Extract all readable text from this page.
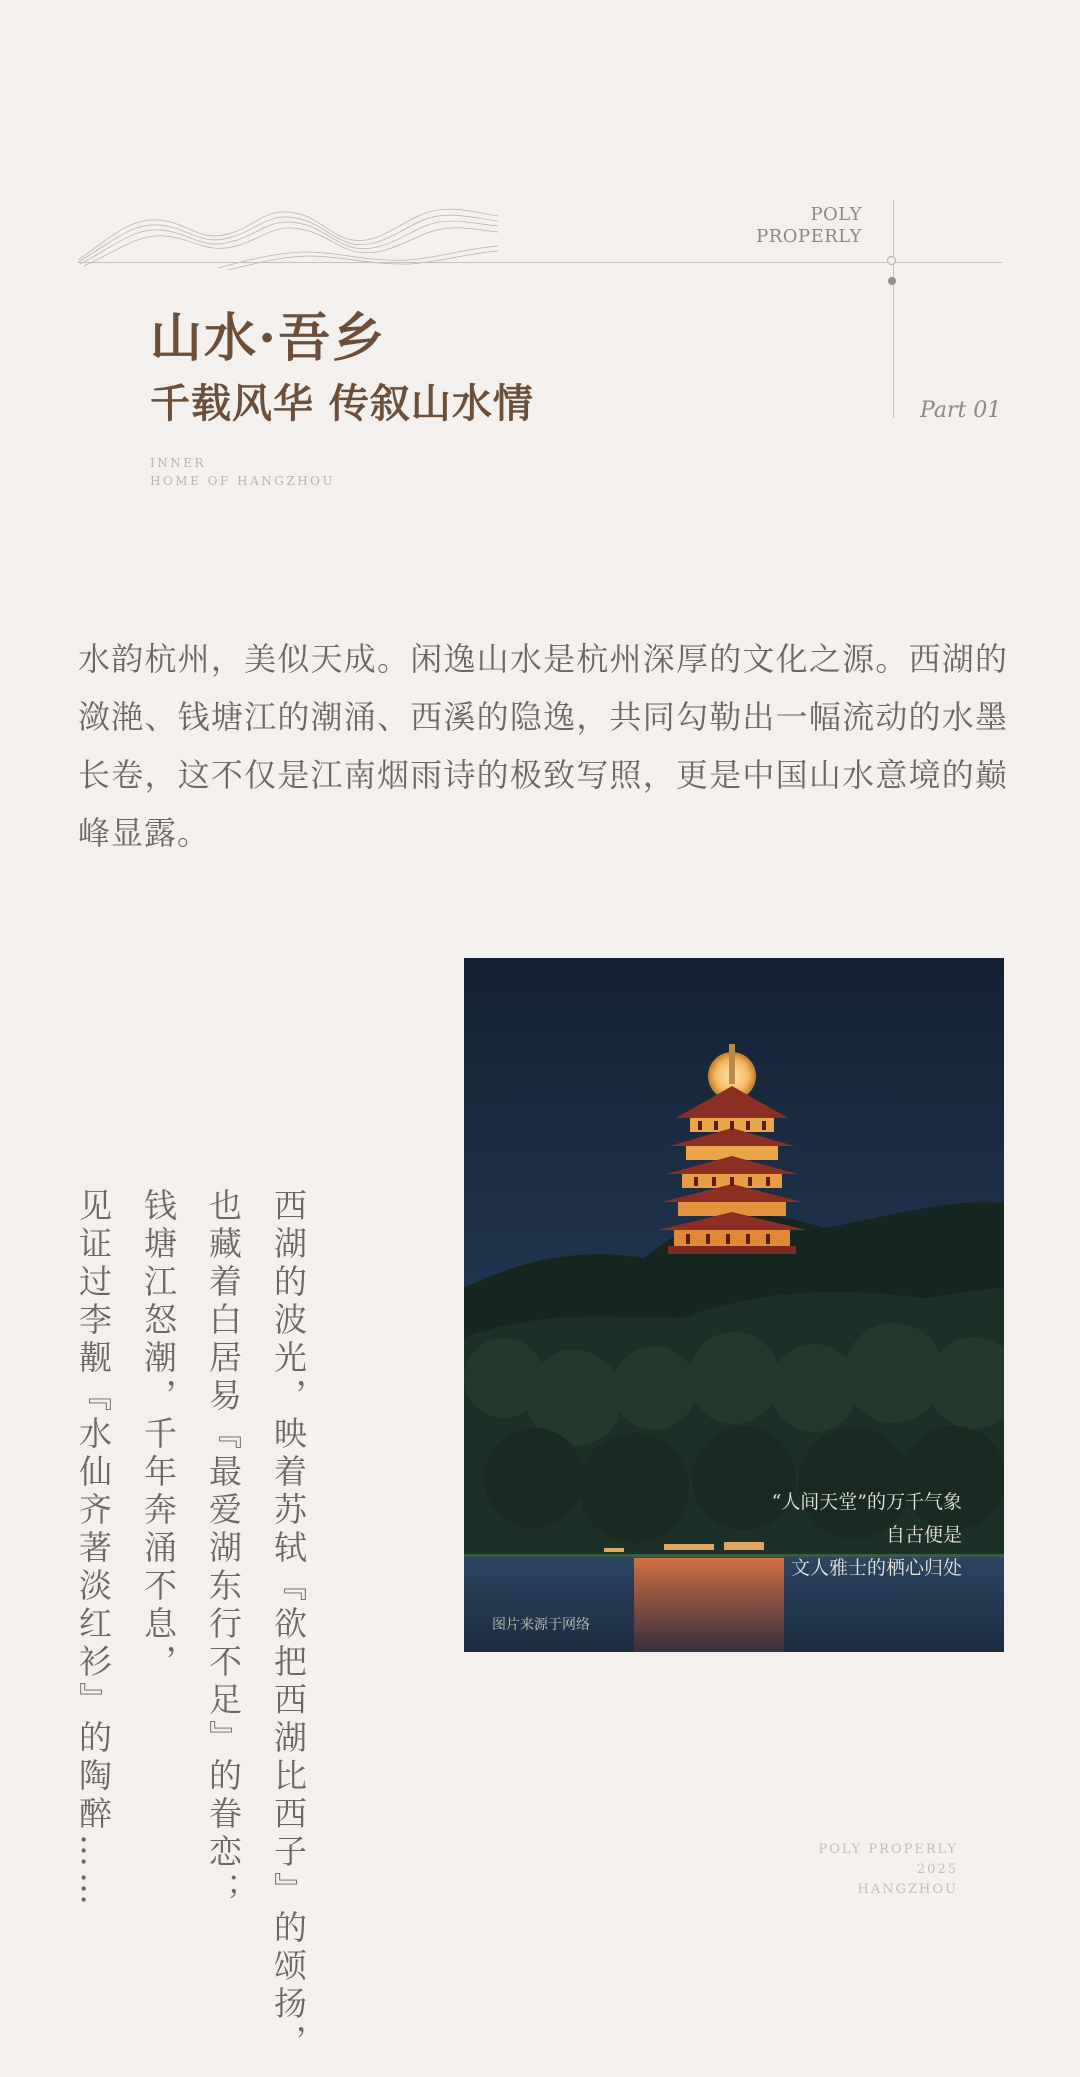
POLY
PROPERLY
山水·吾乡
千载风华 传叙山水情	Part 01
INNER
HOME OF HANGZHOU
水韵杭州，美似天成。闲逸山水是杭州深厚的文化之源。西湖的潋滟、钱塘江的潮涌、西溪的隐逸，共同勾勒出一幅流动的水墨长卷，这不仅是江南烟雨诗的极致写照，更是中国山水意境的巅峰显露。
“人间天堂”的万千气象
自古便是
文人雅士的栖心归处
图片来源于网络
西湖的波光，映着苏轼『欲把西湖比西子』的颂扬，
也藏着白居易『最爱湖东行不足』的眷恋；
钱塘江怒潮，千年奔涌不息，
见证过李觏『水仙齐著淡红衫』的陶醉……	POLY PROPERLY
2025
HANGZHOU
